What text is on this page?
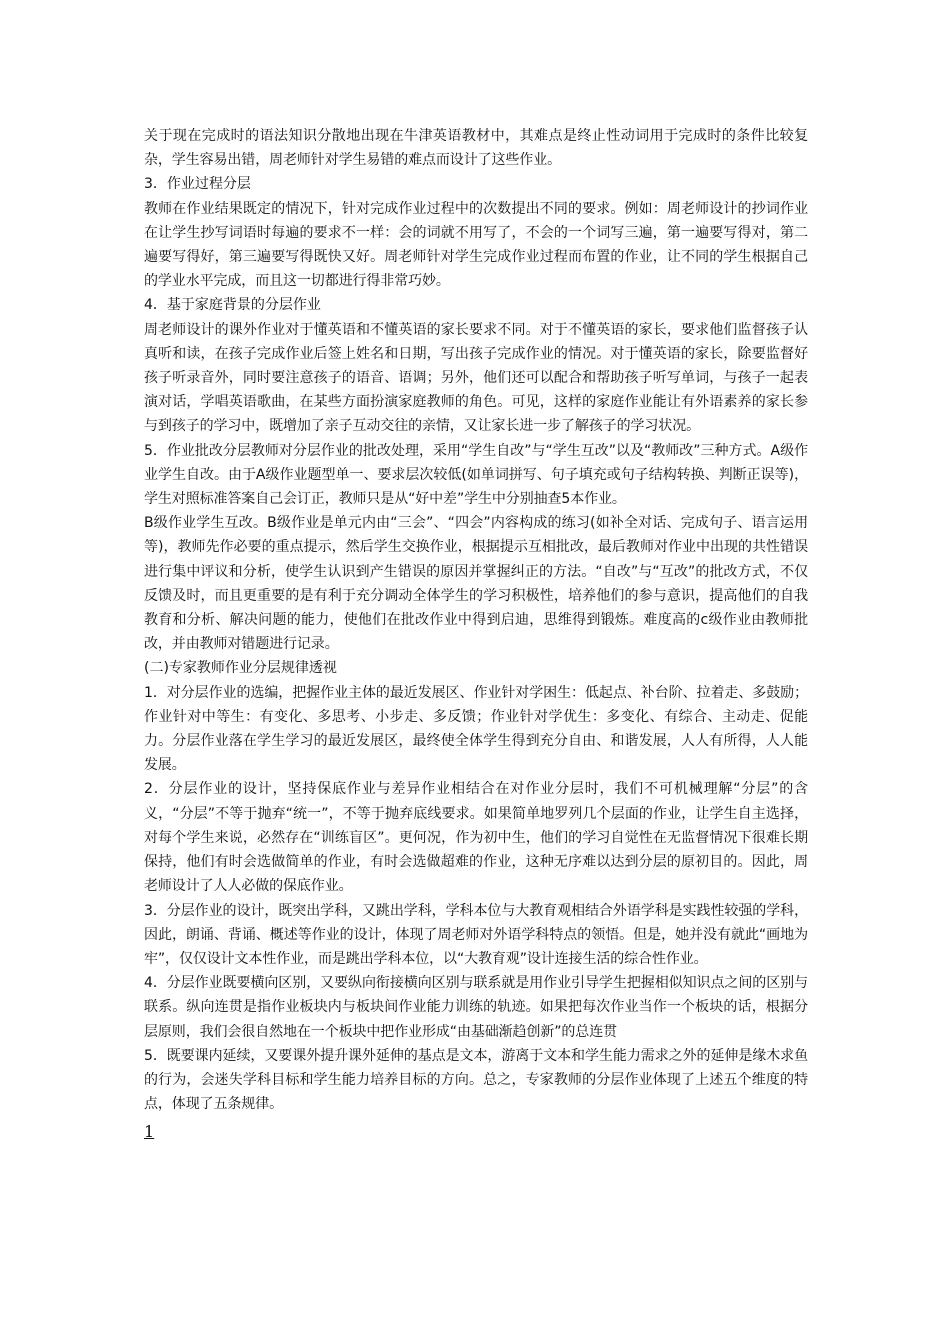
关于现在完成时的语法知识分散地出现在牛津英语教材中，其难点是终止性动词用于完成时的条件比较复杂，学生容易出错，周老师针对学生易错的难点而设计了这些作业。

3．作业过程分层

教师在作业结果既定的情况下，针对完成作业过程中的次数提出不同的要求。例如：周老师设计的抄词作业在让学生抄写词语时每遍的要求不一样：会的词就不用写了，不会的一个词写三遍，第一遍要写得对，第二遍要写得好，第三遍要写得既快又好。周老师针对学生完成作业过程而布置的作业，让不同的学生根据自己的学业水平完成，而且这一切都进行得非常巧妙。

4．基于家庭背景的分层作业

周老师设计的课外作业对于懂英语和不懂英语的家长要求不同。对于不懂英语的家长，要求他们监督孩子认真听和读，在孩子完成作业后签上姓名和日期，写出孩子完成作业的情况。对于懂英语的家长，除要监督好孩子听录音外，同时要注意孩子的语音、语调；另外，他们还可以配合和帮助孩子听写单词，与孩子一起表演对话，学唱英语歌曲，在某些方面扮演家庭教师的角色。可见，这样的家庭作业能让有外语素养的家长参与到孩子的学习中，既增加了亲子互动交往的亲情，又让家长进一步了解孩子的学习状况。

5．作业批改分层教师对分层作业的批改处理，采用“学生自改”与“学生互改”以及“教师改”三种方式。A级作业学生自改。由于A级作业题型单一、要求层次较低(如单词拼写、句子填充或句子结构转换、判断正误等)，学生对照标准答案自己会订正，教师只是从“好中差”学生中分别抽查5本作业。

B级作业学生互改。B级作业是单元内由“三会”、“四会”内容构成的练习(如补全对话、完成句子、语言运用等)，教师先作必要的重点提示，然后学生交换作业，根据提示互相批改，最后教师对作业中出现的共性错误进行集中评议和分析，使学生认识到产生错误的原因并掌握纠正的方法。“自改”与“互改”的批改方式，不仅反馈及时，而且更重要的是有利于充分调动全体学生的学习积极性，培养他们的参与意识，提高他们的自我教育和分析、解决问题的能力，使他们在批改作业中得到启迪，思维得到锻炼。难度高的c级作业由教师批改，并由教师对错题进行记录。

(二)专家教师作业分层规律透视

1．对分层作业的选编，把握作业主体的最近发展区、作业针对学困生：低起点、补台阶、拉着走、多鼓励；作业针对中等生：有变化、多思考、小步走、多反馈；作业针对学优生：多变化、有综合、主动走、促能力。分层作业落在学生学习的最近发展区，最终使全体学生得到充分自由、和谐发展，人人有所得，人人能发展。

2．分层作业的设计，坚持保底作业与差异作业相结合在对作业分层时，我们不可机械理解“分层”的含义，“分层”不等于抛弃“统一”，不等于抛弃底线要求。如果简单地罗列几个层面的作业，让学生自主选择，对每个学生来说，必然存在“训练盲区”。更何况，作为初中生，他们的学习自觉性在无监督情况下很难长期保持，他们有时会选做简单的作业，有时会选做超难的作业，这种无序难以达到分层的原初目的。因此，周老师设计了人人必做的保底作业。

3．分层作业的设计，既突出学科，又跳出学科，学科本位与大教育观相结合外语学科是实践性较强的学科，因此，朗诵、背诵、概述等作业的设计，体现了周老师对外语学科特点的领悟。但是，她并没有就此“画地为牢”，仅仅设计文本性作业，而是跳出学科本位，以“大教育观”设计连接生活的综合性作业。

4．分层作业既要横向区别，又要纵向衔接横向区别与联系就是用作业引导学生把握相似知识点之间的区别与联系。纵向连贯是指作业板块内与板块间作业能力训练的轨迹。如果把每次作业当作一个板块的话，根据分层原则，我们会很自然地在一个板块中把作业形成“由基础渐趋创新”的总连贯

5．既要课内延续，又要课外提升课外延伸的基点是文本，游离于文本和学生能力需求之外的延伸是缘木求鱼的行为，会迷失学科目标和学生能力培养目标的方向。总之，专家教师的分层作业体现了上述五个维度的特点，体现了五条规律。

1
